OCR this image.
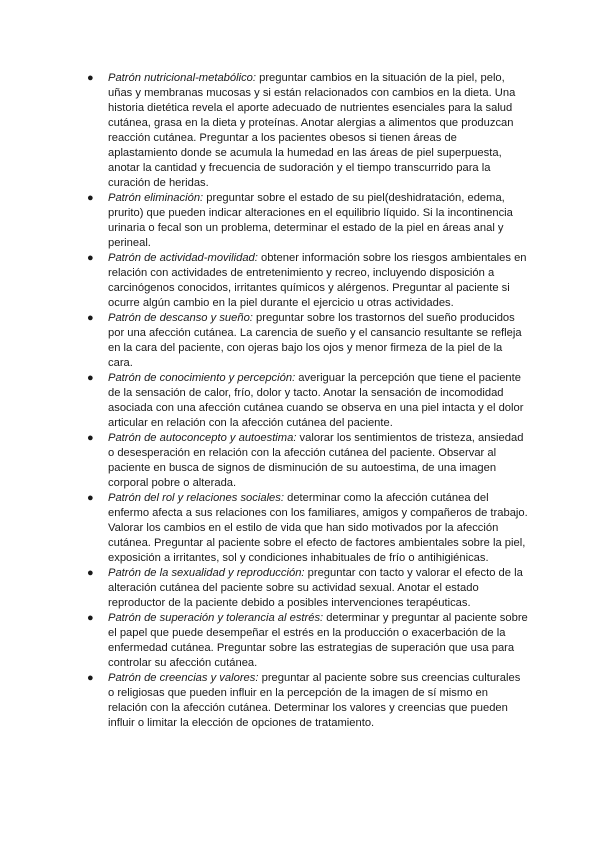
● Patrón nutricional-metabólico: preguntar cambios en la situación de la piel, pelo, uñas y membranas mucosas y si están relacionados con cambios en la dieta. Una historia dietética revela el aporte adecuado de nutrientes esenciales para la salud cutánea, grasa en la dieta y proteínas. Anotar alergias a alimentos que produzcan reacción cutánea. Preguntar a los pacientes obesos si tienen áreas de aplastamiento donde se acumula la humedad en las áreas de piel superpuesta, anotar la cantidad y frecuencia de sudoración y el tiempo transcurrido para la curación de heridas.
● Patrón eliminación: preguntar sobre el estado de su piel(deshidratación, edema, prurito) que pueden indicar alteraciones en el equilibrio líquido. Si la incontinencia urinaria o fecal son un problema, determinar el estado de la piel en áreas anal y perineal.
● Patrón de actividad-movilidad: obtener información sobre los riesgos ambientales en relación con actividades de entretenimiento y recreo, incluyendo disposición a carcinógenos conocidos, irritantes químicos y alérgenos. Preguntar al paciente si ocurre algún cambio en la piel durante el ejercicio u otras actividades.
● Patrón de descanso y sueño: preguntar sobre los trastornos del sueño producidos por una afección cutánea. La carencia de sueño y el cansancio resultante se refleja en la cara del paciente, con ojeras bajo los ojos y menor firmeza de la piel de la cara.
● Patrón de conocimiento y percepción: averiguar la percepción que tiene el paciente de la sensación de calor, frío, dolor y tacto. Anotar la sensación de incomodidad asociada con una afección cutánea cuando se observa en una piel intacta y el dolor articular en relación con la afección cutánea del paciente.
● Patrón de autoconcepto y autoestima: valorar los sentimientos de tristeza, ansiedad o desesperación en relación con la afección cutánea del paciente. Observar al paciente en busca de signos de disminución de su autoestima, de una imagen corporal pobre o alterada.
● Patrón del rol y relaciones sociales: determinar como la afección cutánea del enfermo afecta a sus relaciones con los familiares, amigos y compañeros de trabajo. Valorar los cambios en el estilo de vida que han sido motivados por la afección cutánea. Preguntar al paciente sobre el efecto de factores ambientales sobre la piel, exposición a irritantes, sol y condiciones inhabituales de frío o antihigiénicas.
● Patrón de la sexualidad y reproducción: preguntar con tacto y valorar el efecto de la alteración cutánea del paciente sobre su actividad sexual. Anotar el estado reproductor de la paciente debido a posibles intervenciones terapéuticas.
● Patrón de superación y tolerancia al estrés: determinar y preguntar al paciente sobre el papel que puede desempeñar el estrés en la producción o exacerbación de la enfermedad cutánea. Preguntar sobre las estrategias de superación que usa para controlar su afección cutánea.
● Patrón de creencias y valores: preguntar al paciente sobre sus creencias culturales o religiosas que pueden influir en la percepción de la imagen de sí mismo en relación con la afección cutánea. Determinar los valores y creencias que pueden influir o limitar la elección de opciones de tratamiento.
